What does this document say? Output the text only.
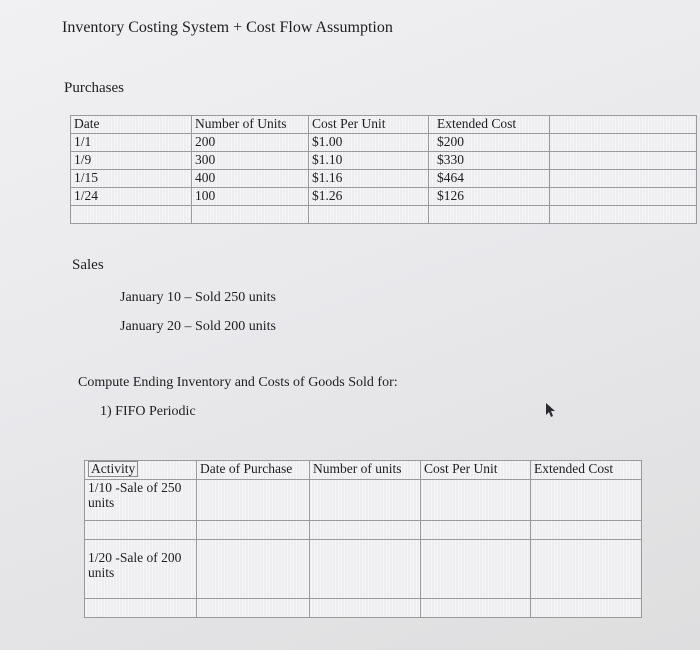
Inventory Costing System + Cost Flow Assumption
Purchases
Date	Number of Units	Cost Per Unit	Extended Cost	
1/1	200	$1.00	$200	
1/9	300	$1.10	$330	
1/15	400	$1.16	$464	
1/24	100	$1.26	$126	

Sales
January 10 – Sold 250 units
January 20 – Sold 200 units
Compute Ending Inventory and Costs of Goods Sold for:
1) FIFO Periodic
Activity	Date of Purchase	Number of units	Cost Per Unit	Extended Cost
1/10 -Sale of 250 units				

1/20 -Sale of 200 units				
